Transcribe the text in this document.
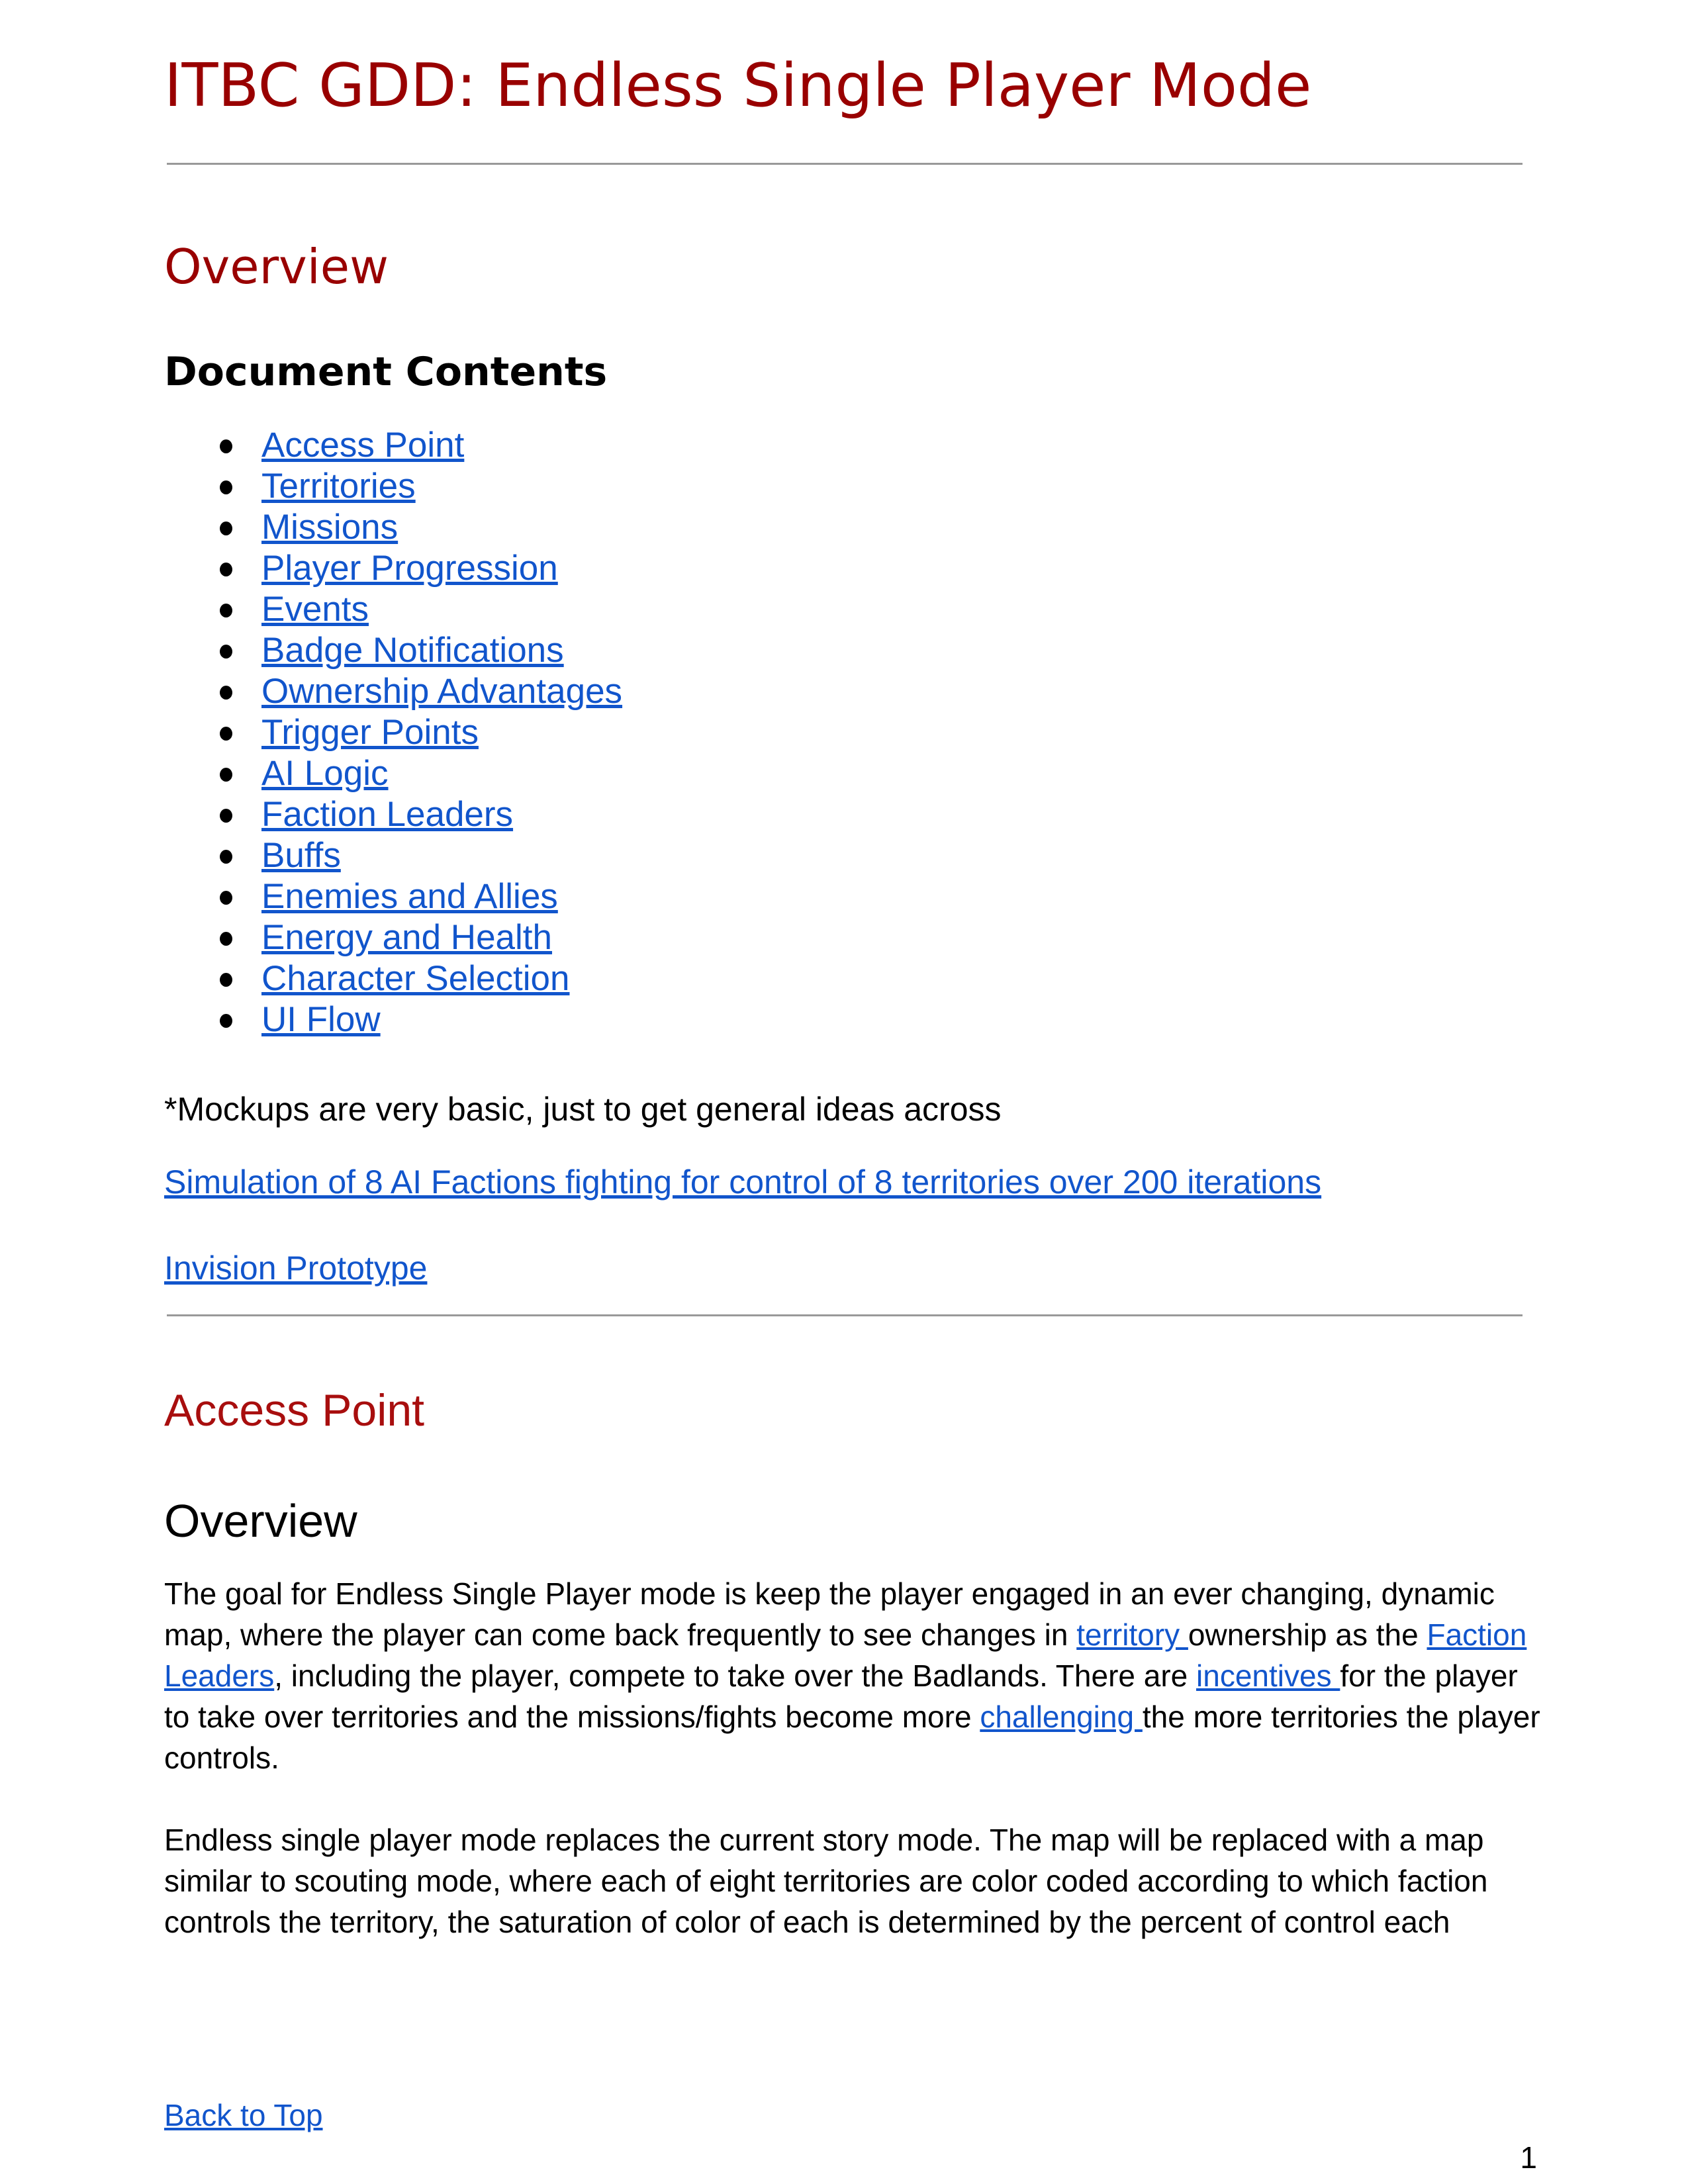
ITBC GDD: Endless Single Player Mode
Overview
Document Contents
Access Point
Territories
Missions
Player Progression
Events
Badge Notifications
Ownership Advantages
Trigger Points
AI Logic
Faction Leaders
Buffs
Enemies and Allies
Energy and Health
Character Selection
UI Flow
*Mockups are very basic, just to get general ideas across
Simulation of 8 AI Factions fighting for control of 8 territories over 200 iterations
Invision Prototype
Access Point
Overview
The goal for Endless Single Player mode is keep the player engaged in an ever changing, dynamic
map, where the player can come back frequently to see changes in territory ownership as the Faction
Leaders, including the player, compete to take over the Badlands. There are incentives for the player
to take over territories and the missions/fights become more challenging the more territories the player
controls.
Endless single player mode replaces the current story mode. The map will be replaced with a map
similar to scouting mode, where each of eight territories are color coded according to which faction
controls the territory, the saturation of color of each is determined by the percent of control each
Back to Top
1
